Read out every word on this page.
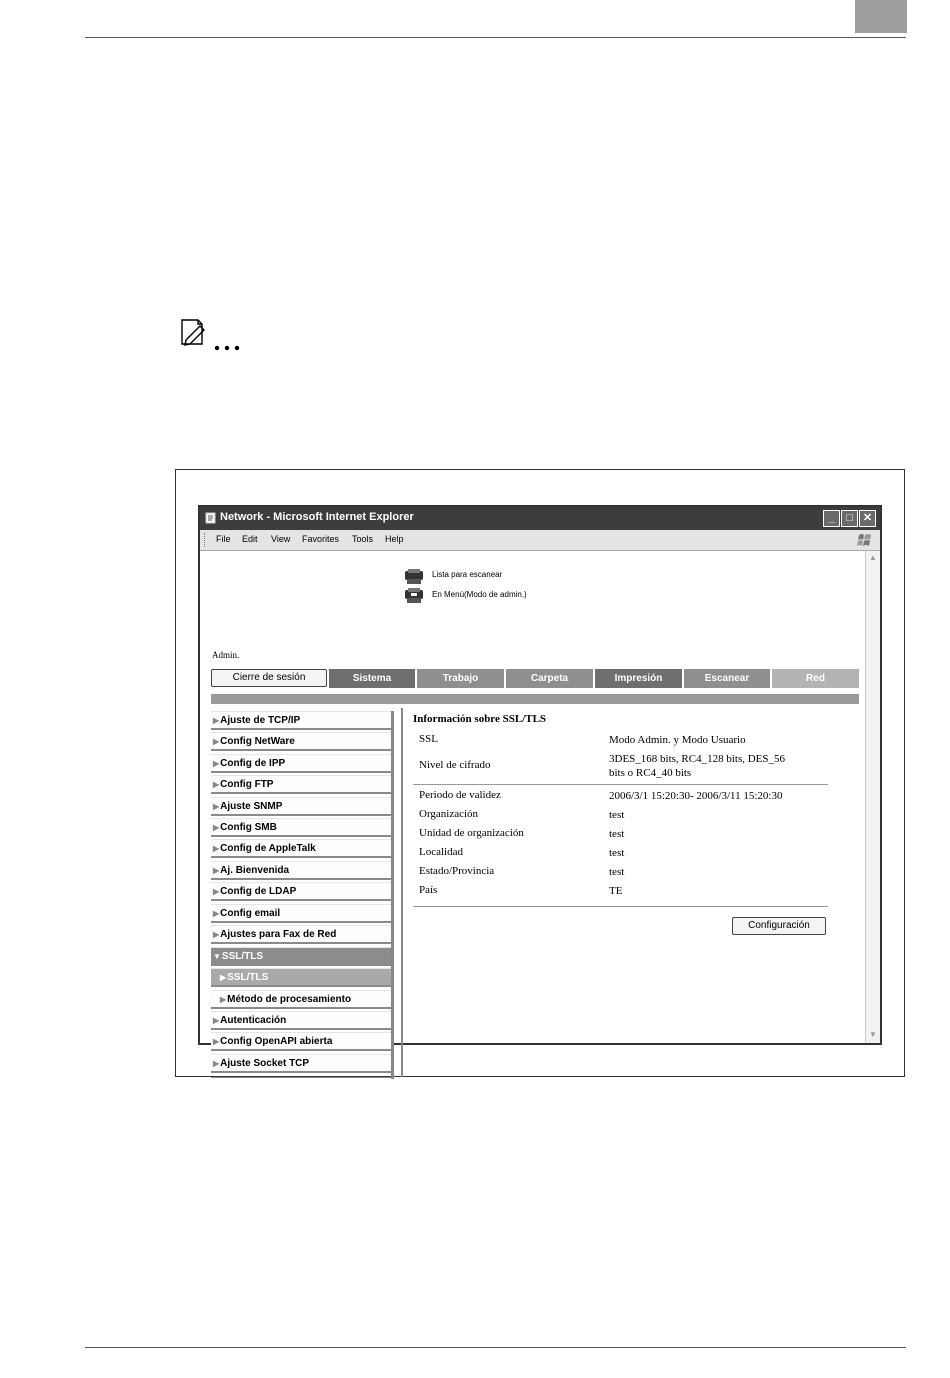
Network - Microsoft Internet Explorer	_	□ ✕
File Edit View Favorites Tools Help
Lista para escanear
En Menú(Modo de admin.)
Admin.
Cierre de sesión	Sistema	Trabajo	Carpeta	Impresión	Escanear	Red
▶Ajuste de TCP/IP
▶Config NetWare
▶Config de IPP
▶Config FTP
▶Ajuste SNMP
▶Config SMB
▶Config de AppleTalk
▶Aj. Bienvenida
▶Config de LDAP
▶Config email
▶Ajustes para Fax de Red
▼SSL/TLS
▶SSL/TLS
▶Método de procesamiento
▶Autenticación
▶Config OpenAPI abierta
▶Ajuste Socket TCP
Información sobre SSL/TLS
SSL	Modo Admin. y Modo Usuario
Nivel de cifrado	3DES_168 bits, RC4_128 bits, DES_56
bits o RC4_40 bits
Periodo de validez	2006/3/1 15:20:30- 2006/3/11 15:20:30
Organización	test
Unidad de organización	test
Localidad	test
Estado/Provincia	test
País	TE
Configuración
▲
▼
